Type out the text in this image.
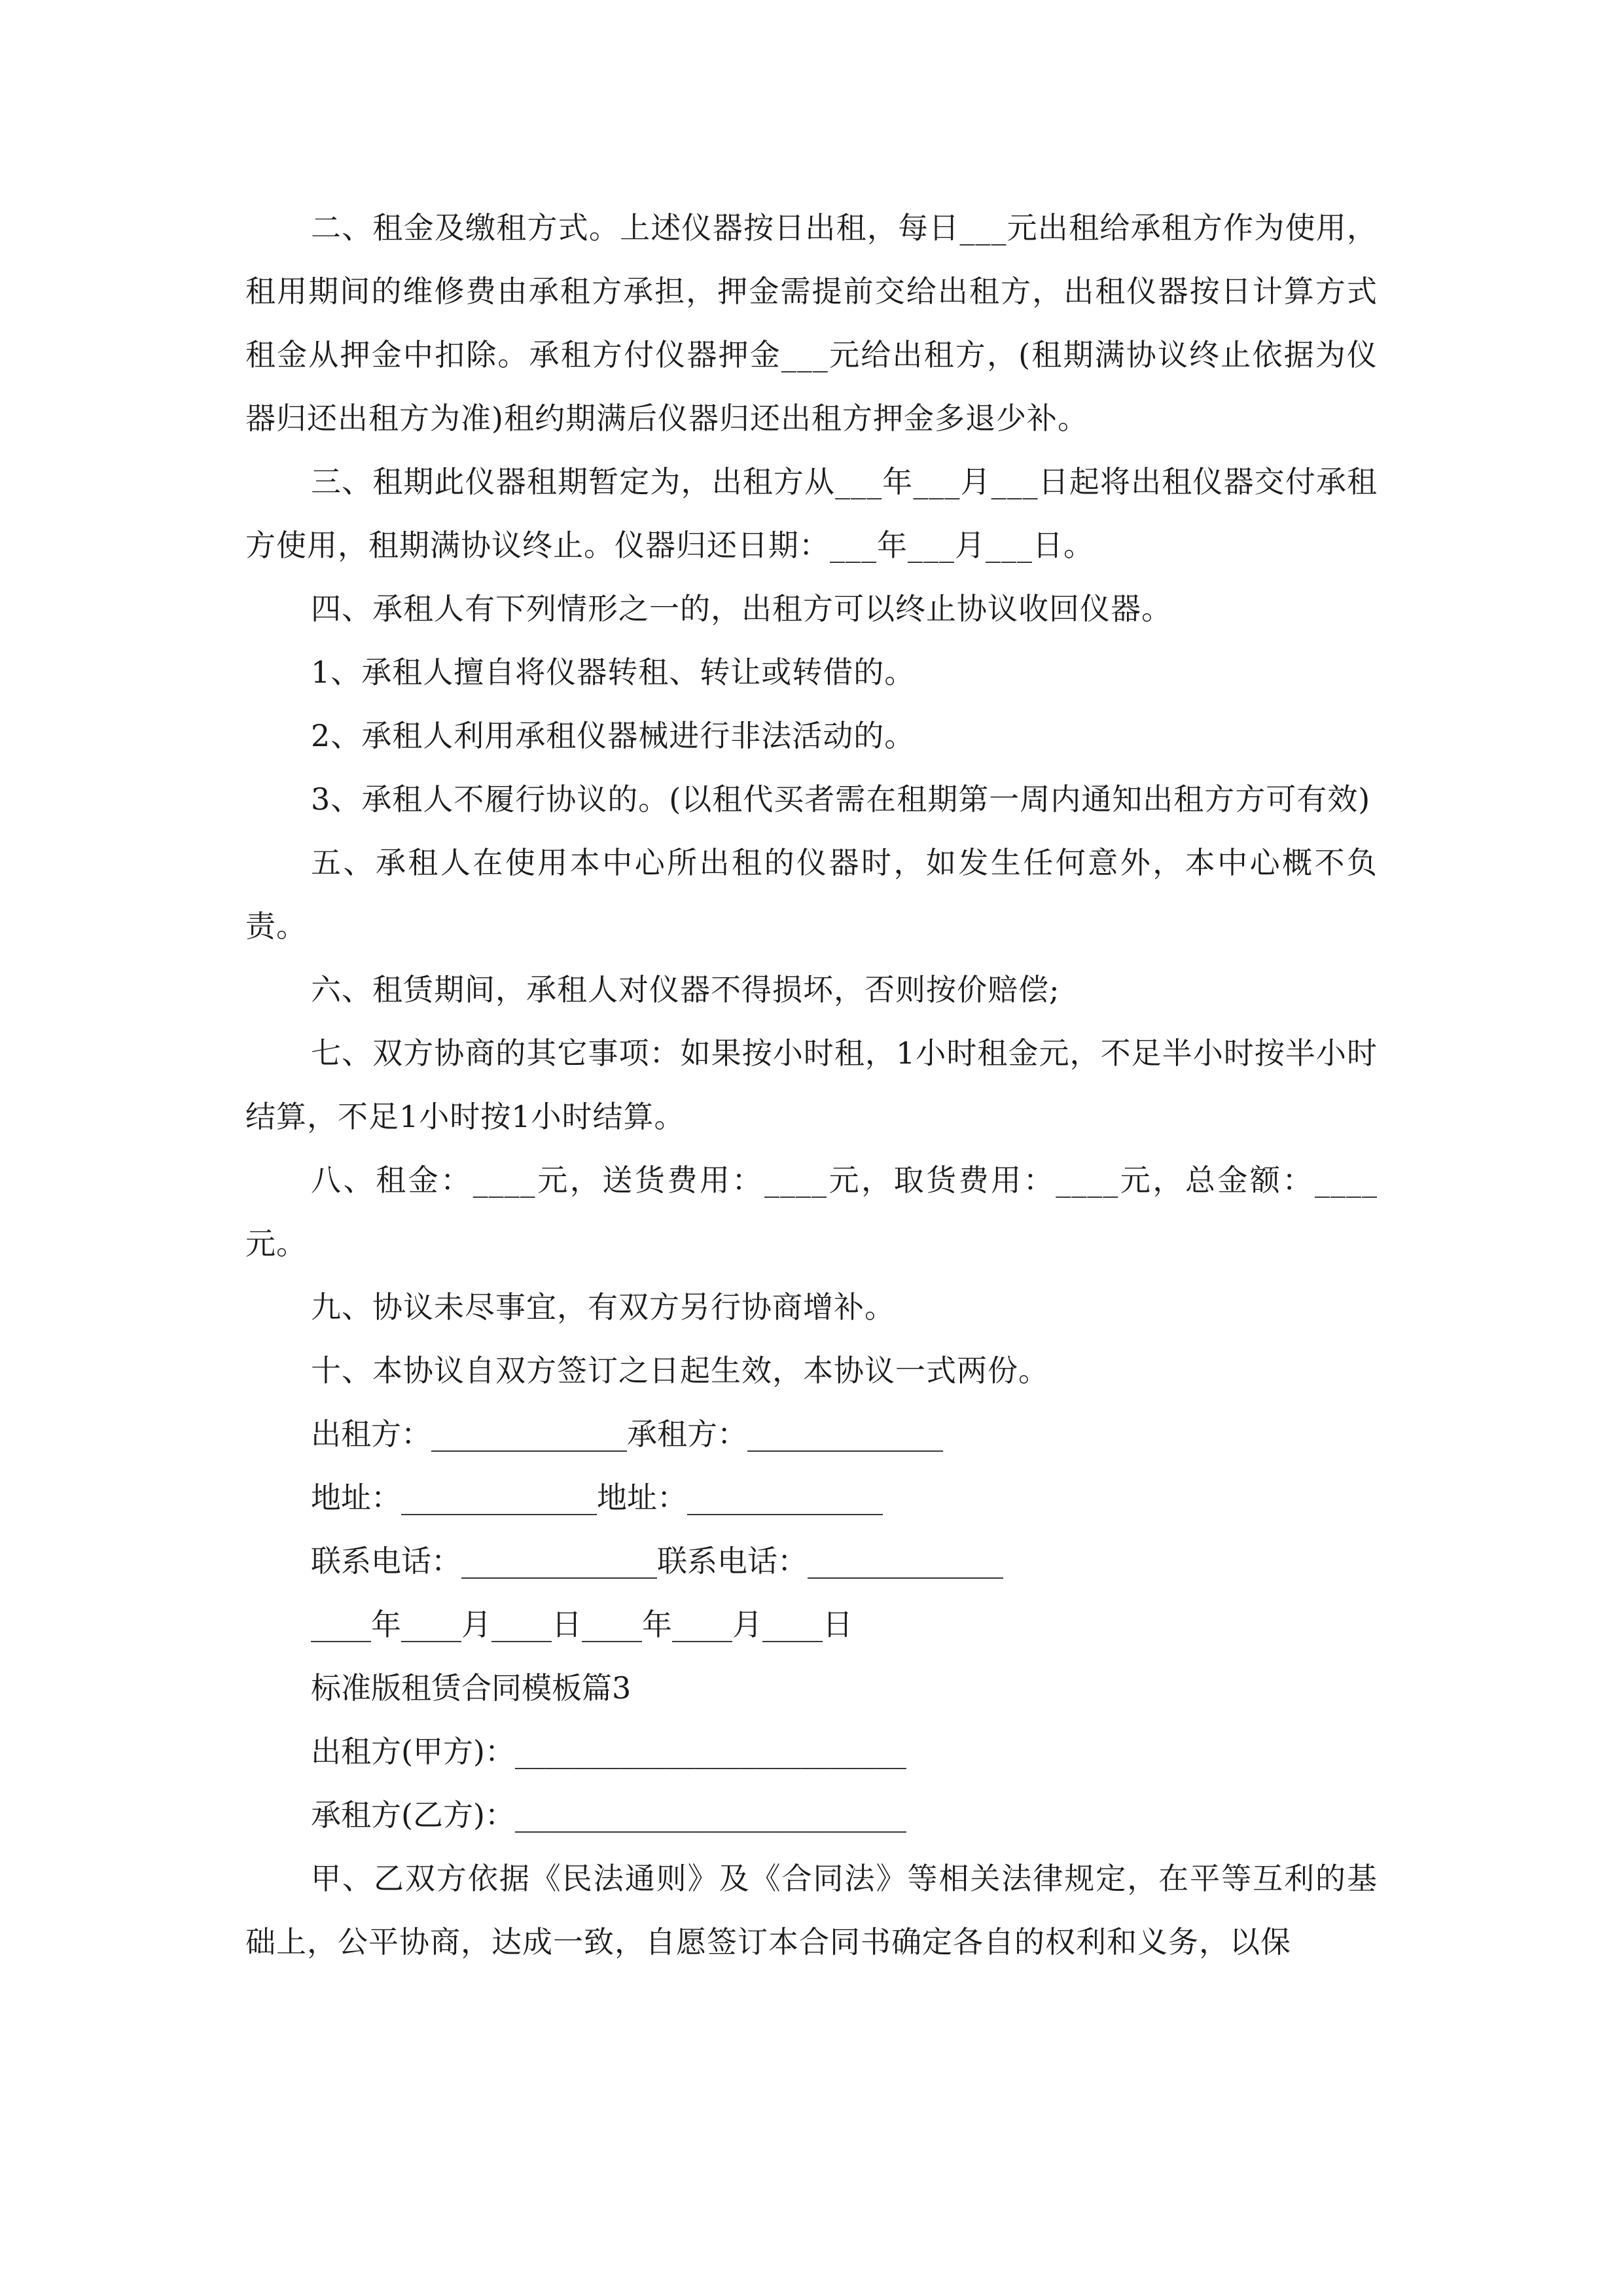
二、租金及缴租方式。上述仪器按日出租，每日___元出租给承租方作为使用，租用期间的维修费由承租方承担，押金需提前交给出租方，出租仪器按日计算方式租金从押金中扣除。承租方付仪器押金___元给出租方，(租期满协议终止依据为仪器归还出租方为准)租约期满后仪器归还出租方押金多退少补。

三、租期此仪器租期暂定为，出租方从___年___月___日起将出租仪器交付承租方使用，租期满协议终止。仪器归还日期：___年___月___日。

四、承租人有下列情形之一的，出租方可以终止协议收回仪器。

1、承租人擅自将仪器转租、转让或转借的。

2、承租人利用承租仪器械进行非法活动的。

3、承租人不履行协议的。(以租代买者需在租期第一周内通知出租方方可有效)

五、承租人在使用本中心所出租的仪器时，如发生任何意外，本中心概不负责。

六、租赁期间，承租人对仪器不得损坏，否则按价赔偿;

七、双方协商的其它事项：如果按小时租，1小时租金元，不足半小时按半小时结算，不足1小时按1小时结算。

八、租金：____元，送货费用：____元，取货费用：____元，总金额：____元。

九、协议未尽事宜，有双方另行协商增补。

十、本协议自双方签订之日起生效，本协议一式两份。

出租方：_____________承租方：_____________

地址：_____________地址：_____________

联系电话：_____________联系电话：_____________

____年____月____日____年____月____日

标准版租赁合同模板篇3

出租方(甲方)：__________________________

承租方(乙方)：__________________________

甲、乙双方依据《民法通则》及《合同法》等相关法律规定，在平等互利的基础上，公平协商，达成一致，自愿签订本合同书确定各自的权利和义务，以保
